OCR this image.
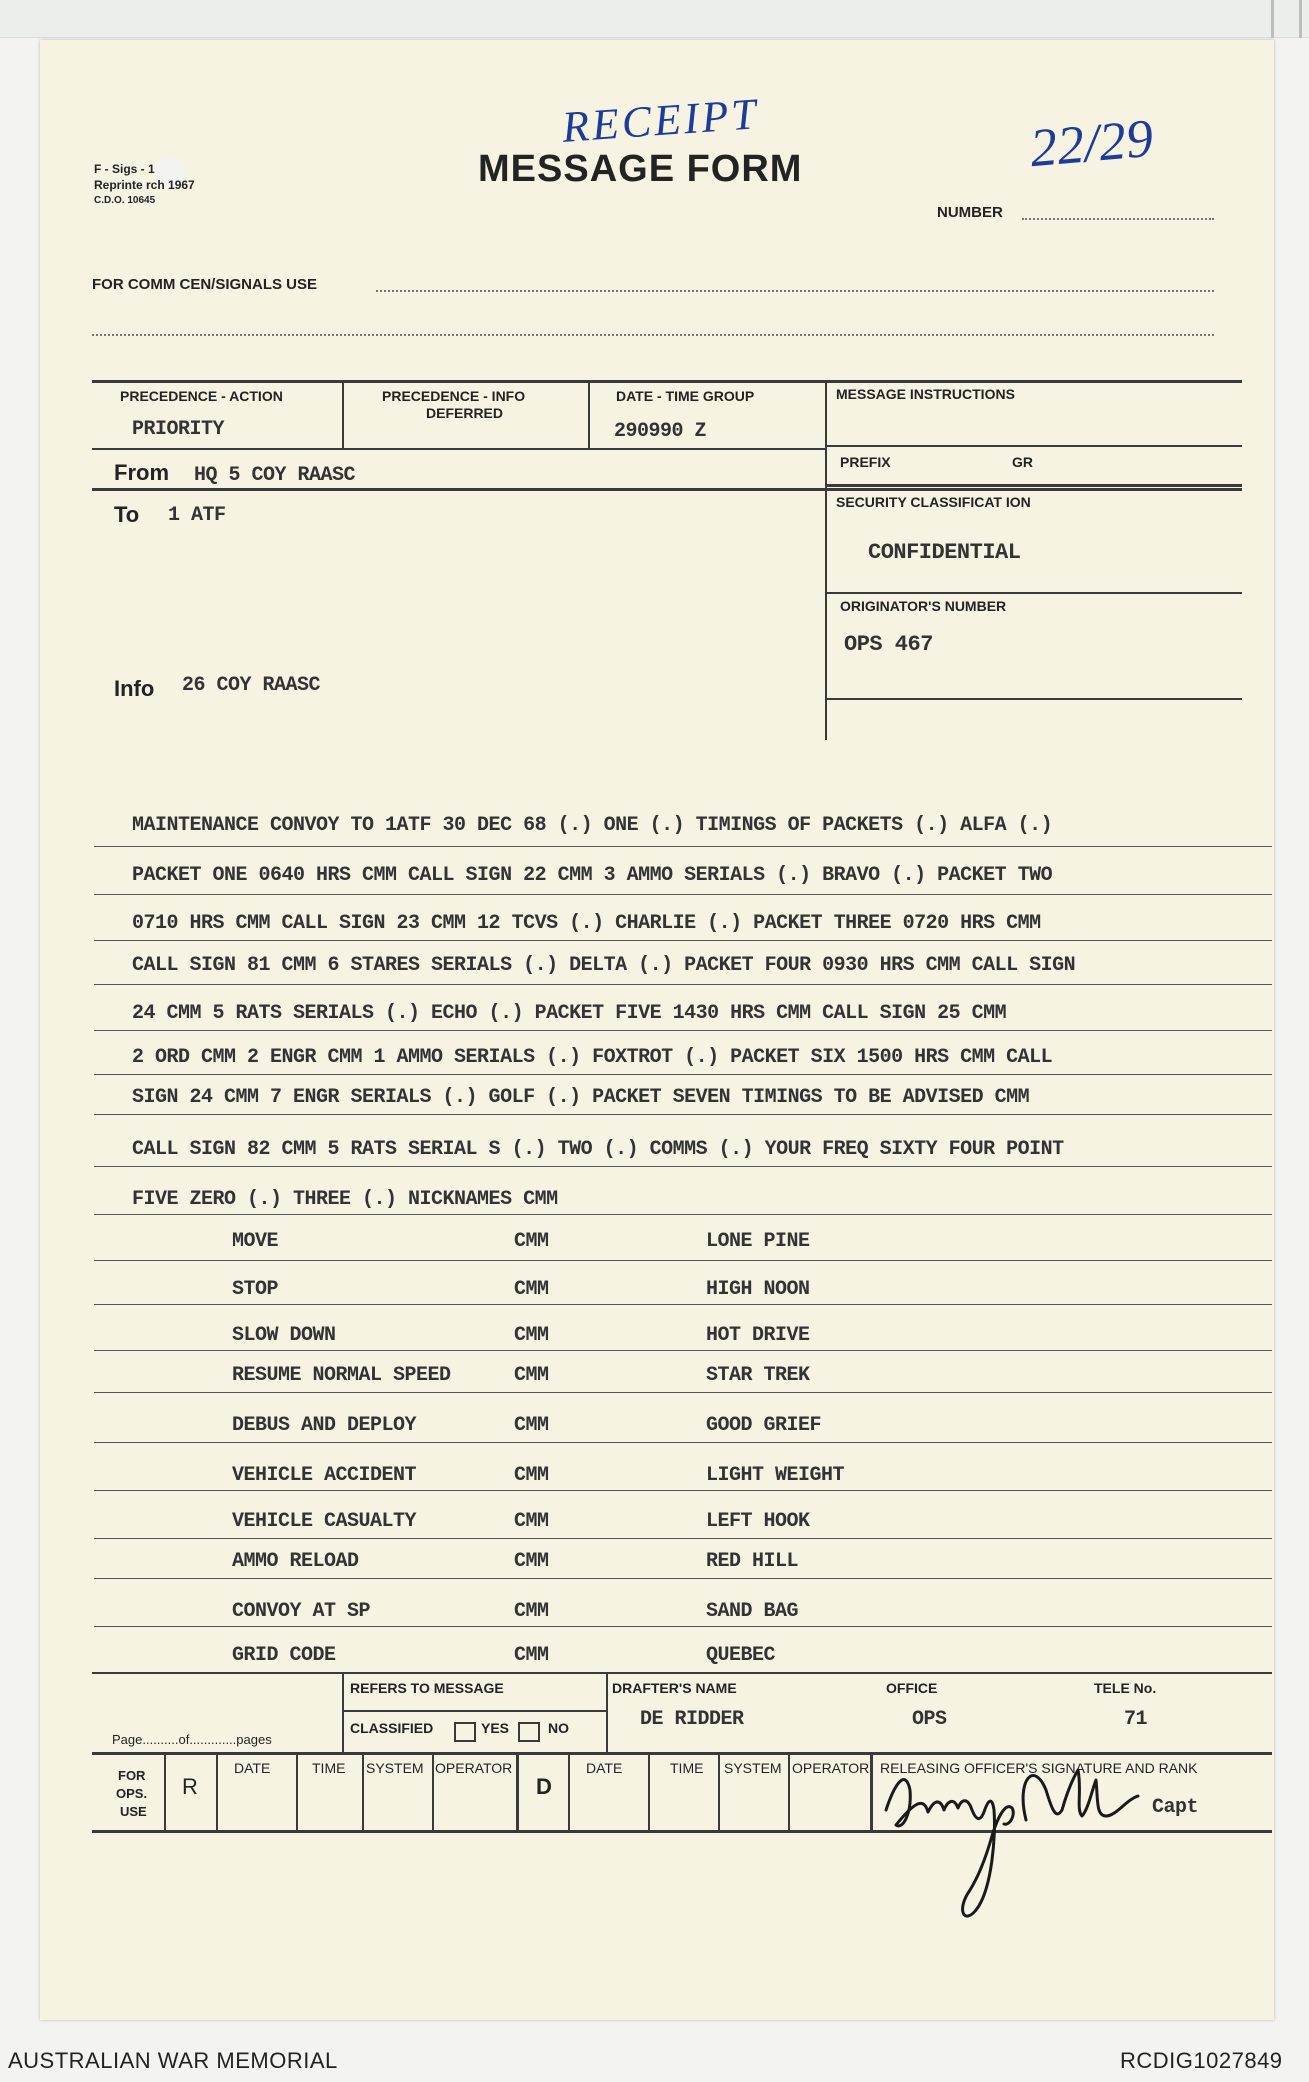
F - Sigs - 1
Reprinte rch 1967
C.D.O. 10645
RECEIPT
MESSAGE FORM	22/29
NUMBER
FOR COMM CEN/SIGNALS USE
PRECEDENCE - ACTION
PRIORITY
PRECEDENCE - INFO
DEFERRED
DATE - TIME GROUP
290990 Z
MESSAGE INSTRUCTIONS
PREFIX	GR
SECURITY CLASSIFICAT ION
CONFIDENTIAL
ORIGINATOR'S NUMBER
OPS 467
From HQ 5 COY RAASC
To 1 ATF
Info 26 COY RAASC
MAINTENANCE CONVOY TO 1ATF 30 DEC 68 (.) ONE (.) TIMINGS OF PACKETS (.) ALFA (.)
PACKET ONE 0640 HRS CMM CALL SIGN 22 CMM 3 AMMO SERIALS (.) BRAVO (.) PACKET TWO
0710 HRS CMM CALL SIGN 23 CMM 12 TCVS (.) CHARLIE (.) PACKET THREE 0720 HRS CMM
CALL SIGN 81 CMM 6 STARES SERIALS (.) DELTA (.) PACKET FOUR 0930 HRS CMM CALL SIGN
24 CMM 5 RATS SERIALS (.) ECHO (.) PACKET FIVE 1430 HRS CMM CALL SIGN 25 CMM
2 ORD CMM 2 ENGR CMM 1 AMMO SERIALS (.) FOXTROT (.) PACKET SIX 1500 HRS CMM CALL
SIGN 24 CMM 7 ENGR SERIALS (.) GOLF (.) PACKET SEVEN TIMINGS TO BE ADVISED CMM
CALL SIGN 82 CMM 5 RATS SERIAL S (.) TWO (.) COMMS (.) YOUR FREQ SIXTY FOUR POINT
FIVE ZERO (.) THREE (.) NICKNAMES CMM
MOVE	CMM	LONE PINE
STOP	CMM	HIGH NOON
SLOW DOWN	CMM	HOT DRIVE
RESUME NORMAL SPEED	CMM	STAR TREK
DEBUS AND DEPLOY	CMM	GOOD GRIEF
VEHICLE ACCIDENT	CMM	LIGHT WEIGHT
VEHICLE CASUALTY	CMM	LEFT HOOK
AMMO RELOAD	CMM	RED HILL
CONVOY AT SP	CMM	SAND BAG
GRID CODE	CMM	QUEBEC
REFERS TO MESSAGE
CLASSIFIED	YES	NO
Page..........of.............pages
DRAFTER'S NAME
DE RIDDER
OFFICE
OPS
TELE No.
71
FOR
OPS.
USE
R
DATE	TIME SYSTEM OPERATOR
D
DATE	TIME SYSTEM OPERATOR RELEASING OFFICER'S SIGNATURE AND RANK
Capt
AUSTRALIAN WAR MEMORIAL	RCDIG1027849
